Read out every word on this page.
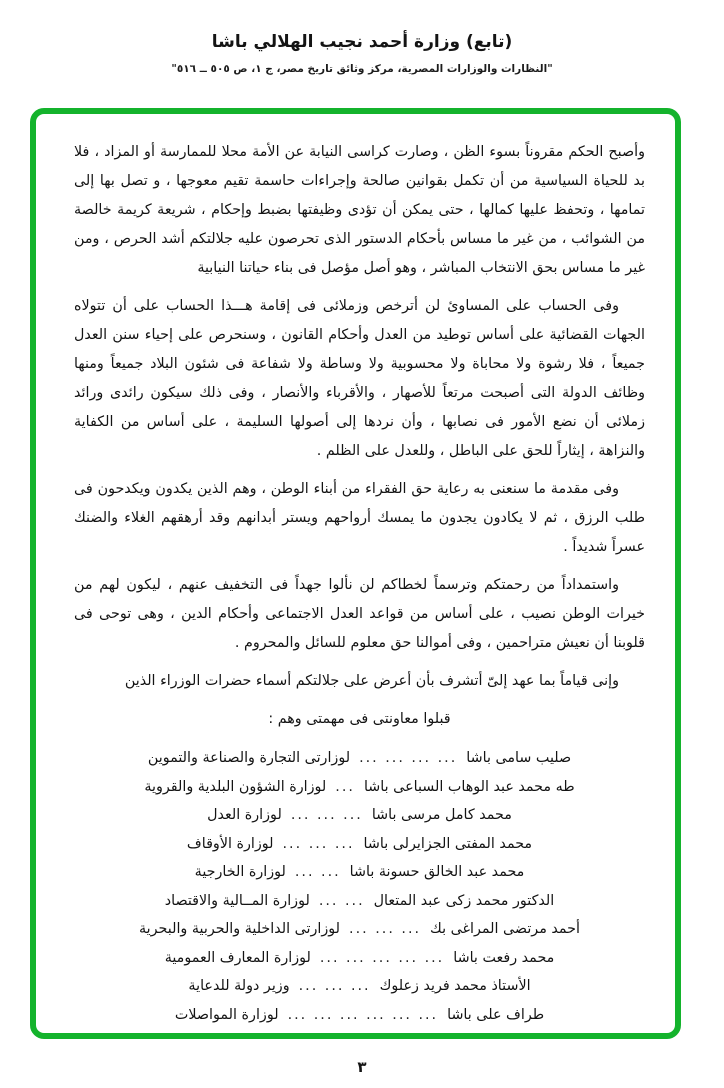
(تابع) وزارة أحمد نجيب الهلالي باشا
"النظارات والوزارات المصرية، مركز وثائق تاريخ مصر، ج ١، ص ٥٠٥ ــ ٥١٦"

وأصبح الحكم مقروناً بسوء الظن ، وصارت كراسى النيابة عن الأمة محلا للممارسة أو المزاد ، فلا بد للحياة السياسية من أن تكمل بقوانين صالحة وإجراءات حاسمة تقيم معوجها ، و تصل بها إلى تمامها ، وتحفظ عليها كمالها ، حتى يمكن أن تؤدى وظيفتها بضبط وإحكام ، شريعة كريمة خالصة من الشوائب ، من غير ما مساس بأحكام الدستور الذى تحرصون عليه جلالتكم أشد الحرص ، ومن غير ما مساس بحق الانتخاب المباشر ، وهو أصل مؤصل فى بناء حياتنا النيابية

وفى الحساب على المساوئ لن أترخص وزملائى فى إقامة هـــذا الحساب على أن تتولاه الجهات القضائية على أساس توطيد من العدل وأحكام القانون ، وسنحرص على إحياء سنن العدل جميعاً ، فلا رشوة ولا محاباة ولا محسوبية ولا وساطة ولا شفاعة فى شئون البلاد جميعاً ومنها وظائف الدولة التى أصبحت مرتعاً للأصهار ، والأقرباء والأنصار ، وفى ذلك سيكون رائدى ورائد زملائى أن نضع الأمور فى نصابها ، وأن نردها إلى أصولها السليمة ، على أساس من الكفاية والنزاهة ، إيثاراً للحق على الباطل ، وللعدل على الظلم .

وفى مقدمة ما سنعنى به رعاية حق الفقراء من أبناء الوطن ، وهم الذين يكدون ويكدحون فى طلب الرزق ، ثم لا يكادون يجدون ما يمسك أرواحهم ويستر أبدانهم وقد أرهقهم الغلاء والضنك عسراً شديداً .

واستمداداً من رحمتكم وترسماً لخطاكم لن نألوا جهداً فى التخفيف عنهم ، ليكون لهم من خيرات الوطن نصيب ، على أساس من قواعد العدل الاجتماعى وأحكام الدين ، وهى توحى فى قلوبنا أن نعيش متراحمين ، وفى أموالنا حق معلوم للسائل والمحروم .

وإنى قياماً بما عهد إلىّ أتشرف بأن أعرض على جلالتكم أسماء حضرات الوزراء الذين

قبلوا معاونتى فى مهمتى وهم :
صليب سامى باشا
... ... ... ...
لوزارتى التجارة والصناعة والتموين
طه محمد عبد الوهاب السباعى باشا
...
لوزارة الشؤون البلدية والقروية
محمد كامل مرسى باشا
... ... ...
لوزارة العدل
محمد المفتى الجزايرلى باشا
... ... ...
لوزارة الأوقاف
محمد عبد الخالق حسونة باشا
... ...
لوزارة الخارجية
الدكتور محمد زكى عبد المتعال
... ...
لوزارة المــالية والاقتصاد
أحمد مرتضى المراغى بك
... ... ...
لوزارتى الداخلية والحربية والبحرية
محمد رفعت باشا
... ... ... ... ...
لوزارة المعارف العمومية
الأستاذ محمد فريد زعلوك
... ... ...
وزير دولة للدعاية
طراف على باشا
... ... ... ... ... ...
لوزارة المواصلات
٣
